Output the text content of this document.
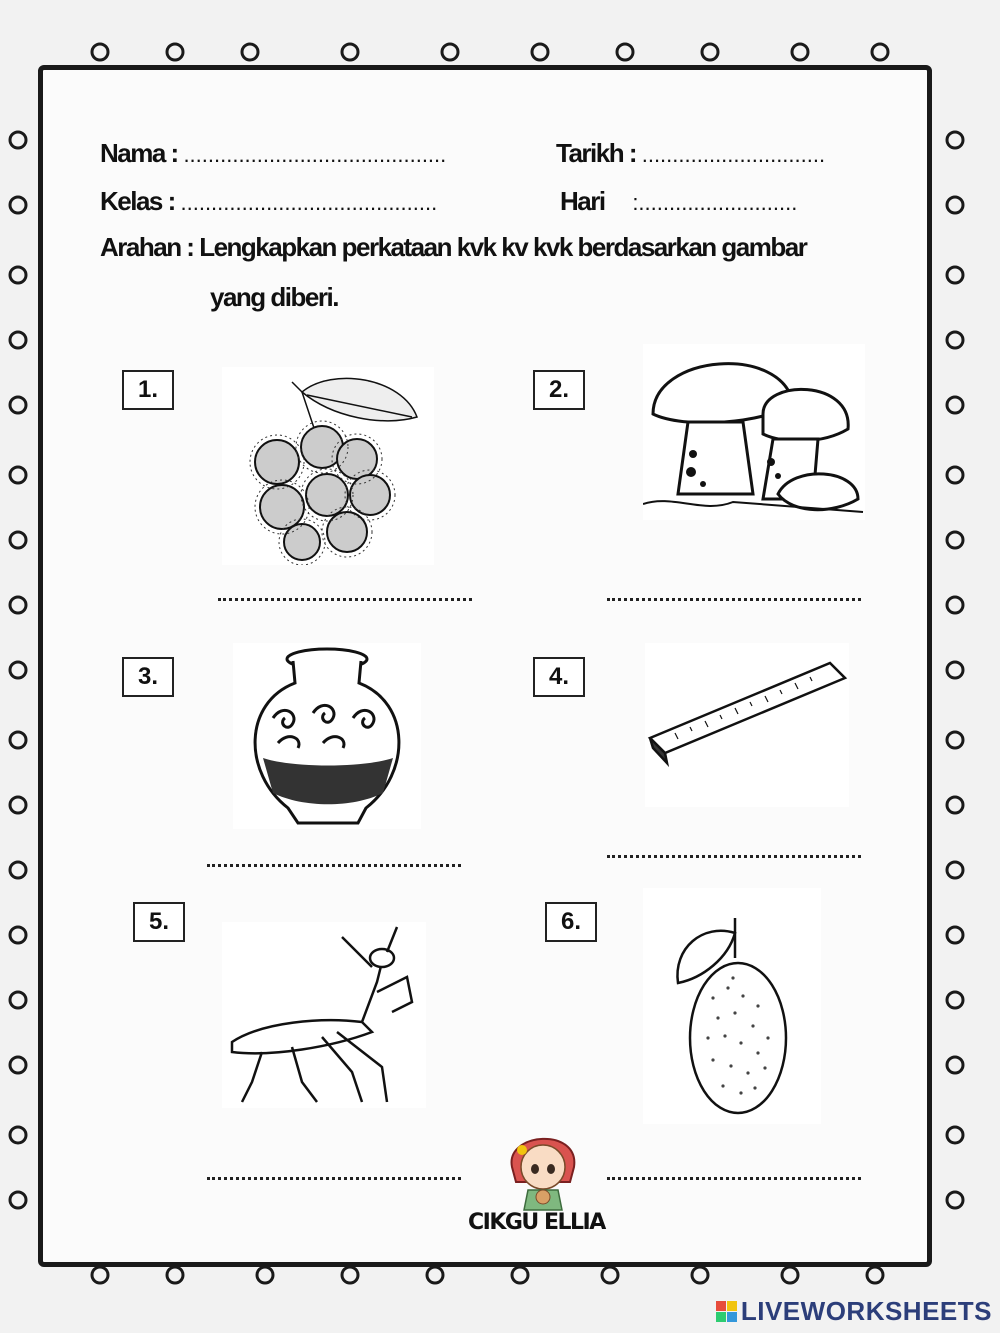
Nama : ...........................................	Tarikh : ..............................
Kelas : ..........................................	Hari :..........................
Arahan : Lengkapkan perkataan kvk kv kvk berdasarkan gambar
yang diberi.
1.	2.
3.	4.
5.	6.
CIKGU ELLIA
LIVEWORKSHEETS
